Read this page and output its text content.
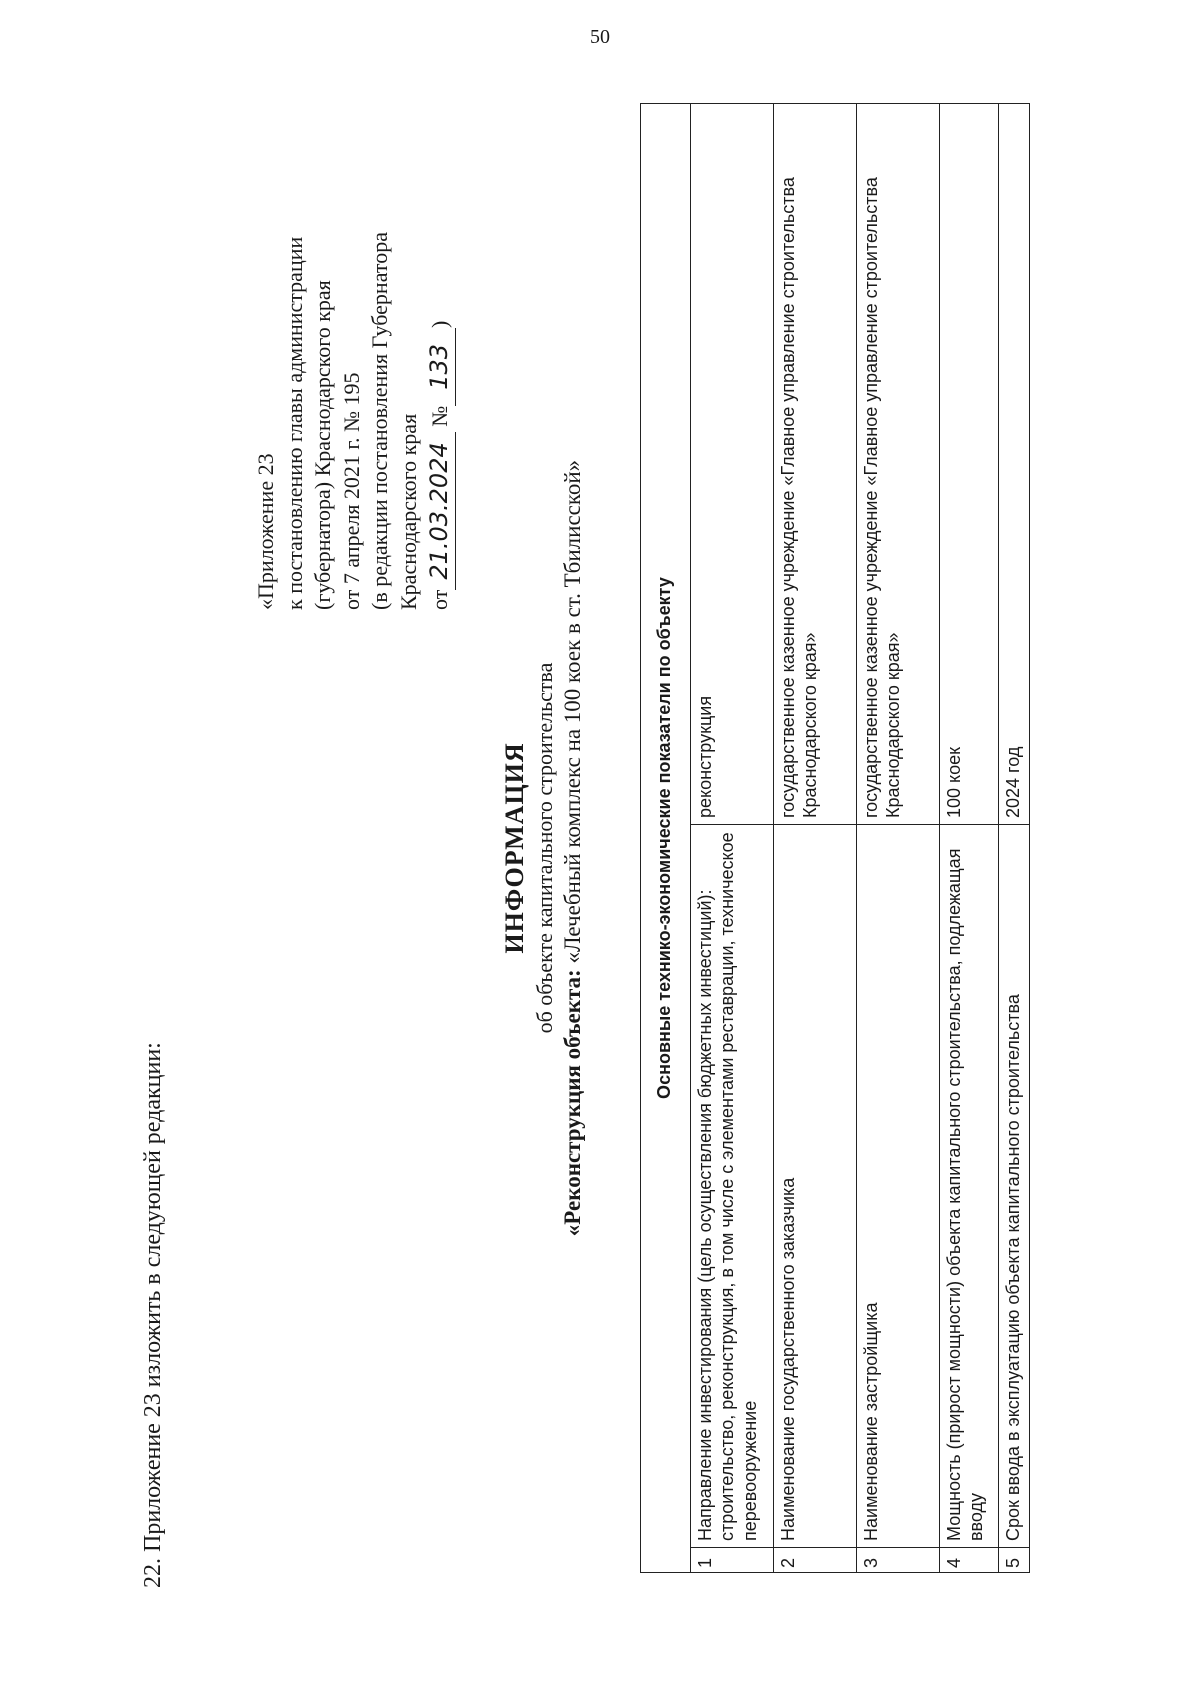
50
22. Приложение 23 изложить в следующей редакции:
«Приложение 23 к постановлению главы администрации (губернатора) Краснодарского края от 7 апреля 2021 г. № 195 (в редакции постановления Губернатора Краснодарского края от21.03.2024 №133)
ИНФОРМАЦИЯ об объекте капитального строительства
«Реконструкция объекта: «Лечебный комплекс на 100 коек в ст. Тбилисской»	Основные технико-экономические показатели по объекту		
1	Направление инвестирования (цель осуществления бюджетных инвестиций): строительство, реконструкция, в том числе с элементами реставрации, техническое перевооружение	реконструкция
2	Наименование государственного заказчика	государственное казенное учреждение «Главное управление строительства Краснодарского края»
3	Наименование застройщика	государственное казенное учреждение «Главное управление строительства Краснодарского края»
4	Мощность (прирост мощности) объекта капитального строительства, подлежащая вводу	100 коек
5	Срок ввода в эксплуатацию объекта капитального строительства	2024 год
